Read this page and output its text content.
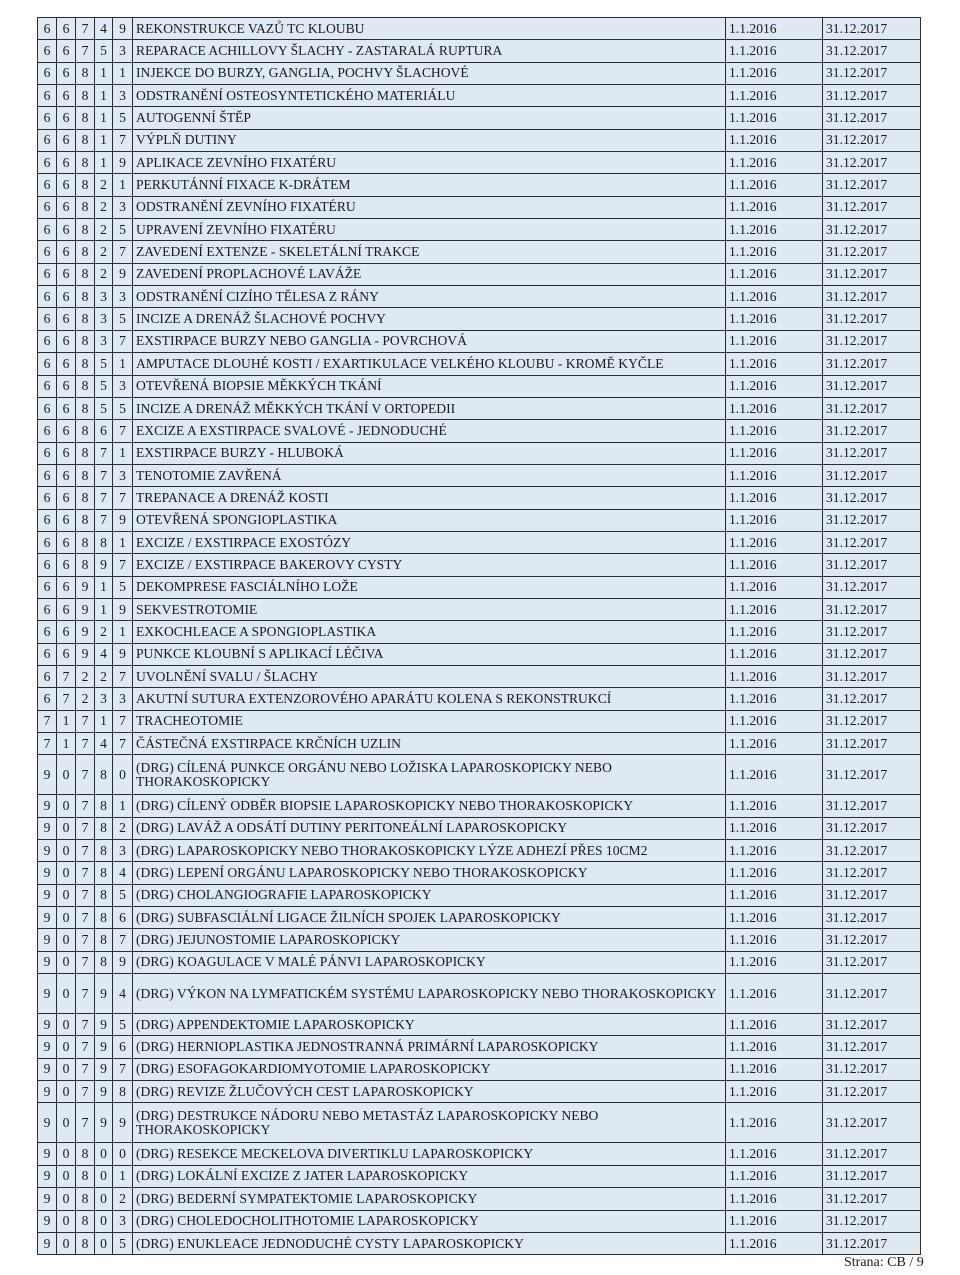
6	6	7	4	9	REKONSTRUKCE VAZŮ TC KLOUBU	1.1.2016	31.12.2017
6	6	7	5	3	REPARACE ACHILLOVY ŠLACHY - ZASTARALÁ RUPTURA	1.1.2016	31.12.2017
6	6	8	1	1	INJEKCE DO BURZY, GANGLIA, POCHVY ŠLACHOVÉ	1.1.2016	31.12.2017
6	6	8	1	3	ODSTRANĚNÍ OSTEOSYNTETICKÉHO MATERIÁLU	1.1.2016	31.12.2017
6	6	8	1	5	AUTOGENNÍ ŠTĚP	1.1.2016	31.12.2017
6	6	8	1	7	VÝPLŇ DUTINY	1.1.2016	31.12.2017
6	6	8	1	9	APLIKACE ZEVNÍHO FIXATÉRU	1.1.2016	31.12.2017
6	6	8	2	1	PERKUTÁNNÍ FIXACE K-DRÁTEM	1.1.2016	31.12.2017
6	6	8	2	3	ODSTRANĚNÍ ZEVNÍHO FIXATÉRU	1.1.2016	31.12.2017
6	6	8	2	5	UPRAVENÍ ZEVNÍHO FIXATÉRU	1.1.2016	31.12.2017
6	6	8	2	7	ZAVEDENÍ EXTENZE - SKELETÁLNÍ TRAKCE	1.1.2016	31.12.2017
6	6	8	2	9	ZAVEDENÍ PROPLACHOVÉ LAVÁŽE	1.1.2016	31.12.2017
6	6	8	3	3	ODSTRANĚNÍ CIZÍHO TĚLESA Z RÁNY	1.1.2016	31.12.2017
6	6	8	3	5	INCIZE A DRENÁŽ ŠLACHOVÉ POCHVY	1.1.2016	31.12.2017
6	6	8	3	7	EXSTIRPACE BURZY NEBO GANGLIA - POVRCHOVÁ	1.1.2016	31.12.2017
6	6	8	5	1	AMPUTACE DLOUHÉ KOSTI / EXARTIKULACE VELKÉHO KLOUBU - KROMĚ KYČLE	1.1.2016	31.12.2017
6	6	8	5	3	OTEVŘENÁ BIOPSIE MĚKKÝCH TKÁNÍ	1.1.2016	31.12.2017
6	6	8	5	5	INCIZE A DRENÁŽ MĚKKÝCH TKÁNÍ V ORTOPEDII	1.1.2016	31.12.2017
6	6	8	6	7	EXCIZE A EXSTIRPACE SVALOVÉ - JEDNODUCHÉ	1.1.2016	31.12.2017
6	6	8	7	1	EXSTIRPACE BURZY - HLUBOKÁ	1.1.2016	31.12.2017
6	6	8	7	3	TENOTOMIE ZAVŘENÁ	1.1.2016	31.12.2017
6	6	8	7	7	TREPANACE A DRENÁŽ KOSTI	1.1.2016	31.12.2017
6	6	8	7	9	OTEVŘENÁ SPONGIOPLASTIKA	1.1.2016	31.12.2017
6	6	8	8	1	EXCIZE / EXSTIRPACE EXOSTÓZY	1.1.2016	31.12.2017
6	6	8	9	7	EXCIZE / EXSTIRPACE BAKEROVY CYSTY	1.1.2016	31.12.2017
6	6	9	1	5	DEKOMPRESE FASCIÁLNÍHO LOŽE	1.1.2016	31.12.2017
6	6	9	1	9	SEKVESTROTOMIE	1.1.2016	31.12.2017
6	6	9	2	1	EXKOCHLEACE A SPONGIOPLASTIKA	1.1.2016	31.12.2017
6	6	9	4	9	PUNKCE KLOUBNÍ S APLIKACÍ LÉČIVA	1.1.2016	31.12.2017
6	7	2	2	7	UVOLNĚNÍ SVALU / ŠLACHY	1.1.2016	31.12.2017
6	7	2	3	3	AKUTNÍ SUTURA EXTENZOROVÉHO APARÁTU KOLENA S REKONSTRUKCÍ	1.1.2016	31.12.2017
7	1	7	1	7	TRACHEOTOMIE	1.1.2016	31.12.2017
7	1	7	4	7	ČÁSTEČNÁ EXSTIRPACE KRČNÍCH UZLIN	1.1.2016	31.12.2017
9	0	7	8	0	(DRG) CÍLENÁ PUNKCE ORGÁNU NEBO LOŽISKA LAPAROSKOPICKY NEBO THORAKOSKOPICKY	1.1.2016	31.12.2017
9	0	7	8	1	(DRG) CÍLENÝ ODBĚR BIOPSIE LAPAROSKOPICKY NEBO THORAKOSKOPICKY	1.1.2016	31.12.2017
9	0	7	8	2	(DRG) LAVÁŽ A ODSÁTÍ DUTINY PERITONEÁLNÍ LAPAROSKOPICKY	1.1.2016	31.12.2017
9	0	7	8	3	(DRG) LAPAROSKOPICKY NEBO THORAKOSKOPICKY LÝZE ADHEZÍ PŘES 10CM2	1.1.2016	31.12.2017
9	0	7	8	4	(DRG) LEPENÍ ORGÁNU LAPAROSKOPICKY NEBO THORAKOSKOPICKY	1.1.2016	31.12.2017
9	0	7	8	5	(DRG) CHOLANGIOGRAFIE LAPAROSKOPICKY	1.1.2016	31.12.2017
9	0	7	8	6	(DRG) SUBFASCIÁLNÍ LIGACE ŽILNÍCH SPOJEK LAPAROSKOPICKY	1.1.2016	31.12.2017
9	0	7	8	7	(DRG) JEJUNOSTOMIE LAPAROSKOPICKY	1.1.2016	31.12.2017
9	0	7	8	9	(DRG) KOAGULACE V MALÉ PÁNVI LAPAROSKOPICKY	1.1.2016	31.12.2017
9	0	7	9	4	(DRG) VÝKON NA LYMFATICKÉM SYSTÉMU LAPAROSKOPICKY NEBO THORAKOSKOPICKY	1.1.2016	31.12.2017
9	0	7	9	5	(DRG) APPENDEKTOMIE LAPAROSKOPICKY	1.1.2016	31.12.2017
9	0	7	9	6	(DRG) HERNIOPLASTIKA JEDNOSTRANNÁ PRIMÁRNÍ LAPAROSKOPICKY	1.1.2016	31.12.2017
9	0	7	9	7	(DRG) ESOFAGOKARDIOMYOTOMIE LAPAROSKOPICKY	1.1.2016	31.12.2017
9	0	7	9	8	(DRG) REVIZE ŽLUČOVÝCH CEST LAPAROSKOPICKY	1.1.2016	31.12.2017
9	0	7	9	9	(DRG) DESTRUKCE NÁDORU NEBO METASTÁZ LAPAROSKOPICKY NEBO THORAKOSKOPICKY	1.1.2016	31.12.2017
9	0	8	0	0	(DRG) RESEKCE MECKELOVA DIVERTIKLU LAPAROSKOPICKY	1.1.2016	31.12.2017
9	0	8	0	1	(DRG) LOKÁLNÍ EXCIZE Z JATER LAPAROSKOPICKY	1.1.2016	31.12.2017
9	0	8	0	2	(DRG) BEDERNÍ SYMPATEKTOMIE LAPAROSKOPICKY	1.1.2016	31.12.2017
9	0	8	0	3	(DRG) CHOLEDOCHOLITHOTOMIE LAPAROSKOPICKY	1.1.2016	31.12.2017
9	0	8	0	5	(DRG) ENUKLEACE JEDNODUCHÉ CYSTY LAPAROSKOPICKY	1.1.2016	31.12.2017
Strana: CB / 9
